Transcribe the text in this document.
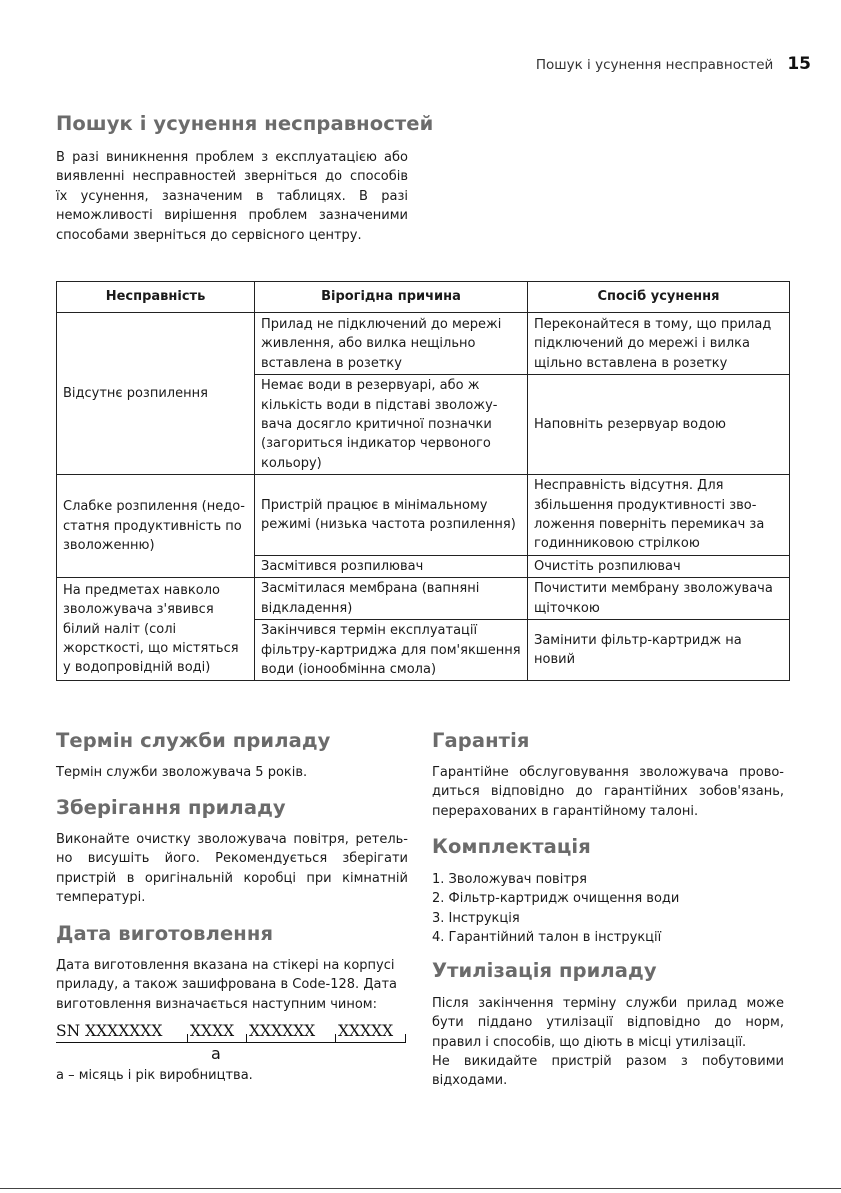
Пошук і усунення несправностей 15
Пошук і усунення несправностей

В разі виникнення проблем з експлуатацією або виявленні несправностей зверніться до способів їх усунення, зазначеним в таблицях. В разі неможливості вирішення проблем зазначеними способами зверніться до сервісного центру.

Несправність	Вірогідна причина	Спосіб усунення
Відсутнє розпилення	Прилад не підключений до мережі живлення, або вилка нещільно вставлена в розетку	Переконайтеся в тому, що прилад підключений до мережі і вилка щільно вставлена в розетку
	Немає води в резервуарі, або ж кількість води в підставі зволожу-вача досягло критичної позначки (загориться індикатор червоного кольору)	Наповніть резервуар водою
Слабке розпилення (недо-статня продуктивність по зволоженню)	Пристрій працює в мінімальному режимі (низька частота розпилення)	Несправність відсутня. Для збільшення продуктивності зво-ложення поверніть перемикач за годинниковою стрілкою
	Засмітився розпилювач	Очистіть розпилювач
На предметах навколо зволожувача з'явився білий наліт (солі жорсткості, що містяться у водопровідній воді)	Засмітилася мембрана (вапняні відкладення)	Почистити мембрану зволожувача щіточкою
	Закінчився термін експлуатації фільтру-картриджа для пом'якшення води (іонообмінна смола)	Замінити фільтр-картридж на новий
Термін служби приладу

Термін служби зволожувача 5 років.

Зберігання приладу

Виконайте очистку зволожувача повітря, ретель-но висушіть його. Рекомендується зберігати пристрій в оригінальній коробці при кімнатній температурі.

Дата виготовлення

Дата виготовлення вказана на стікері на корпусі приладу, а також зашифрована в Code-128. Дата виготовлення визначається наступним чином:

SN XXXXXXX XXXX XXXXXX XXXXX
a

a – місяць і рік виробництва.

Гарантія

Гарантійне обслуговування зволожувача прово-диться відповідно до гарантійних зобов'язань, перерахованих в гарантійному талоні.

Комплектація
1. Зволожувач повітря
2. Фільтр-картридж очищення води
3. Інструкція
4. Гарантійний талон в інструкції
Утилізація приладу

Після закінчення терміну служби прилад може бути піддано утилізації відповідно до норм, правил і способів, що діють в місці утилізації.

Не викидайте пристрій разом з побутовими відходами.
